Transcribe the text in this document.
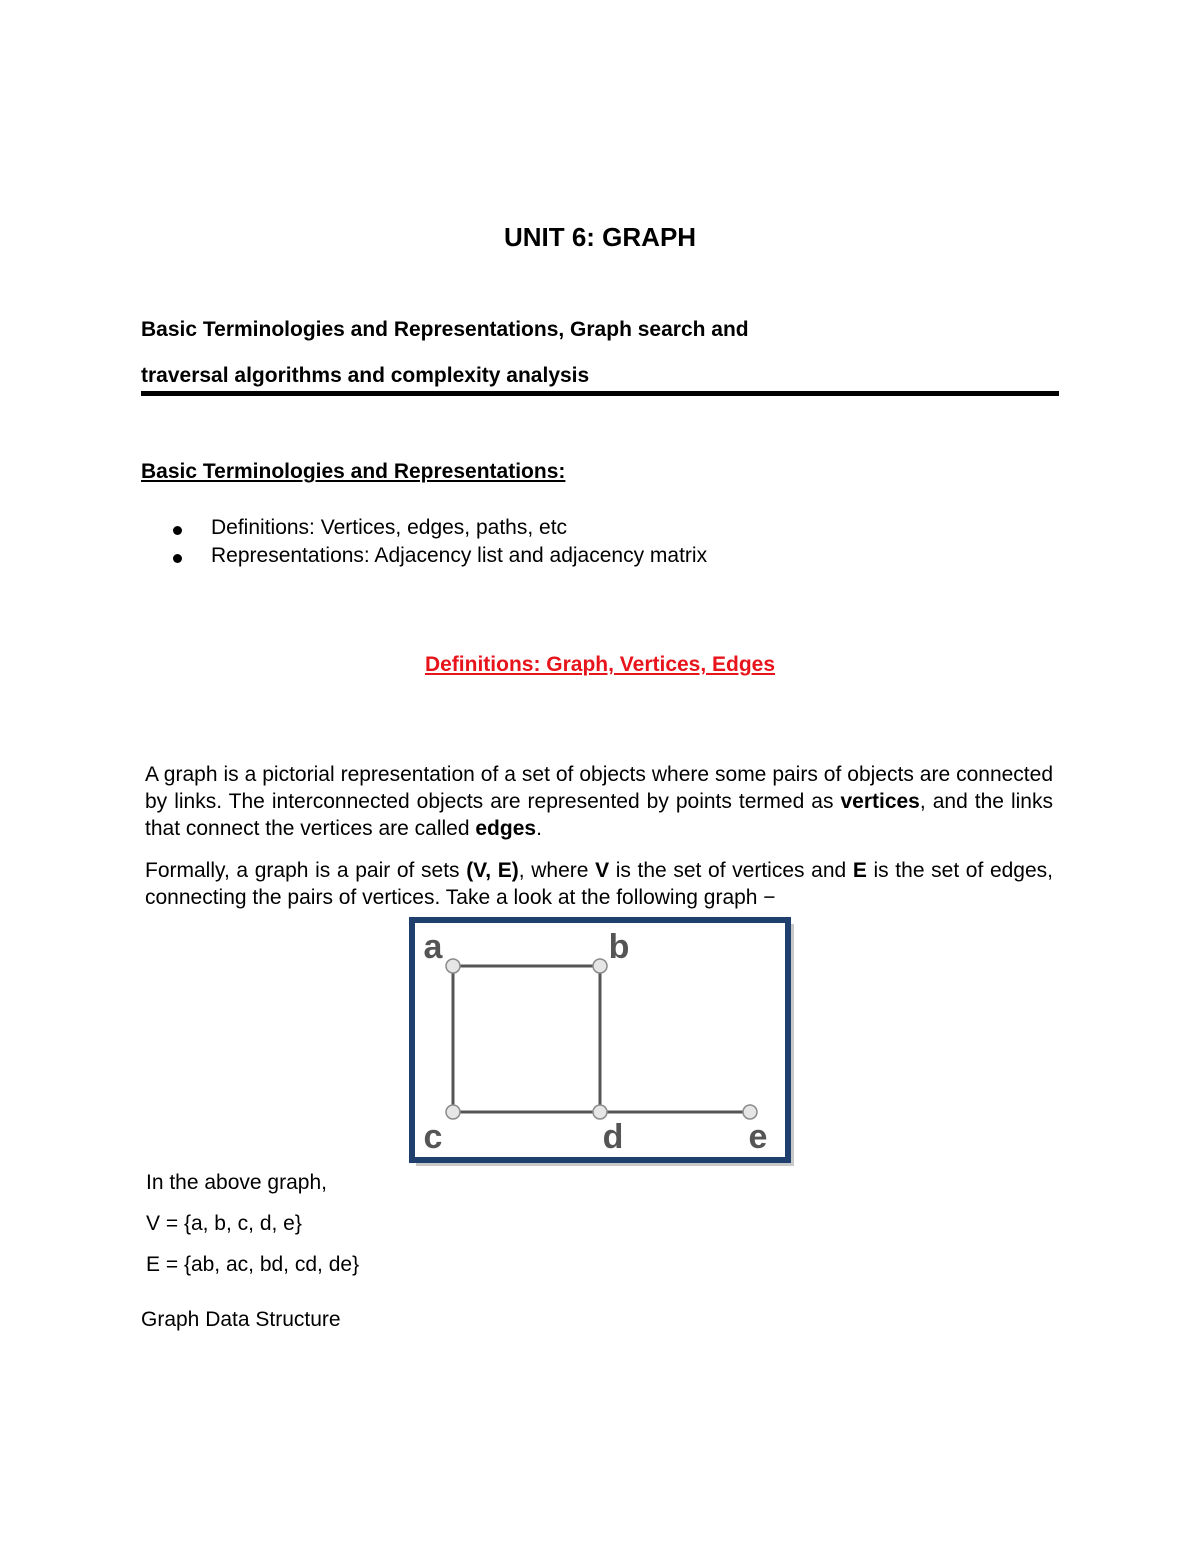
UNIT 6: GRAPH
Basic Terminologies and Representations, Graph search and
traversal algorithms and complexity analysis
Basic Terminologies and Representations:
Definitions: Vertices, edges, paths, etc
Representations: Adjacency list and adjacency matrix
Definitions: Graph, Vertices, Edges
A graph is a pictorial representation of a set of objects where some pairs of objects are connected by links. The interconnected objects are represented by points termed as vertices, and the links that connect the vertices are called edges.
Formally, a graph is a pair of sets (V, E), where V is the set of vertices and E is the set of edges, connecting the pairs of vertices. Take a look at the following graph −
a	b
c	d	e
In the above graph,
V = {a, b, c, d, e}
E = {ab, ac, bd, cd, de}
Graph Data Structure
